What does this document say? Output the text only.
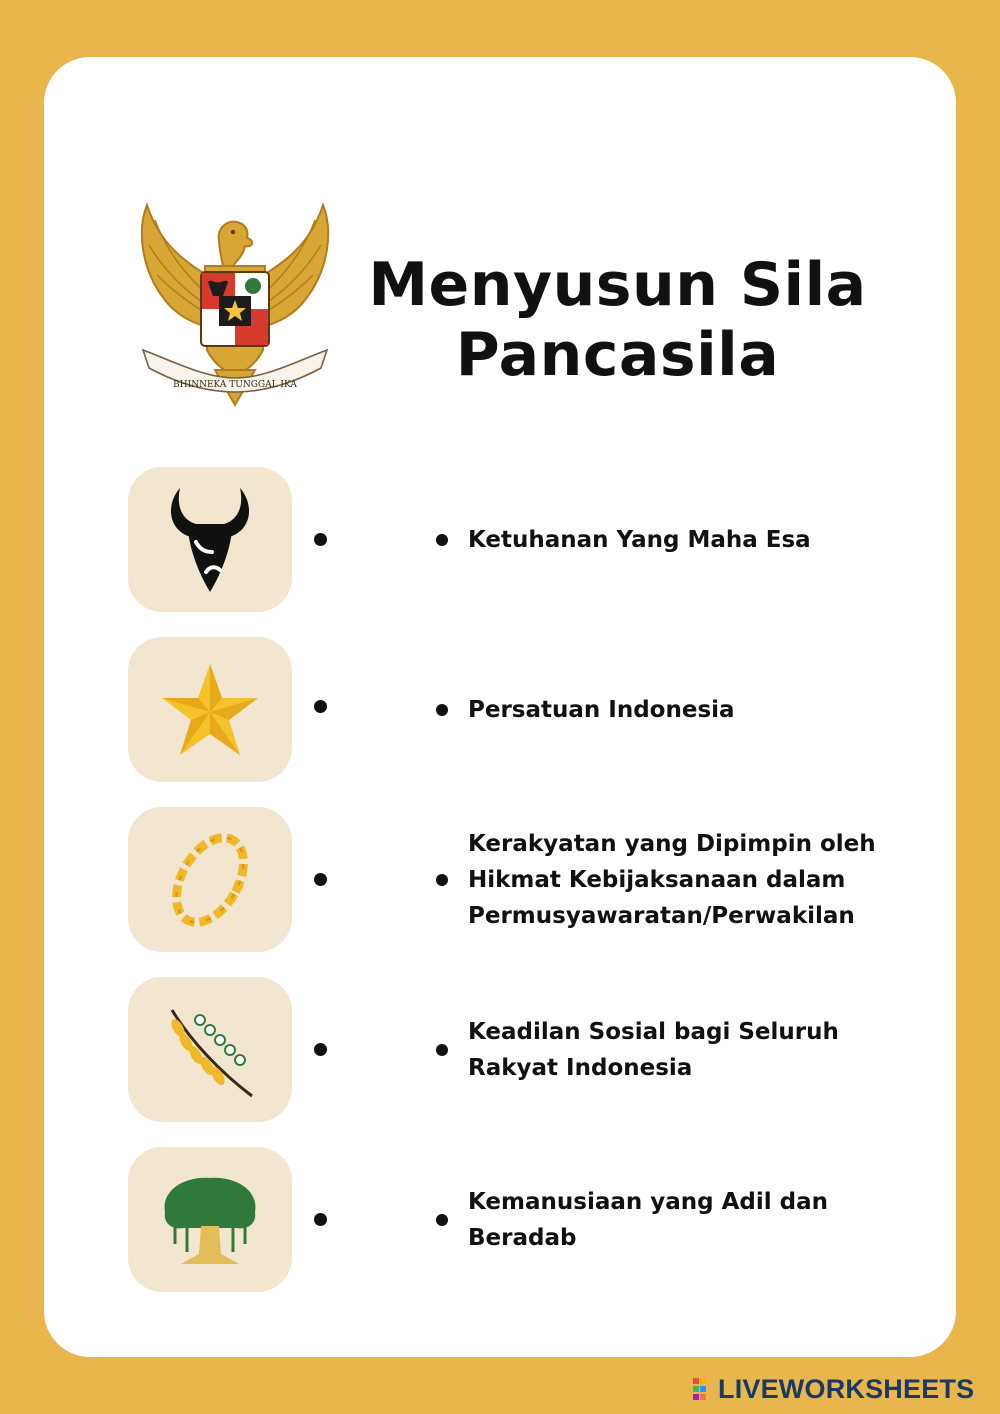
BHINNEKA TUNGGAL IKA
Menyusun Sila
Pancasila
Ketuhanan Yang Maha Esa
Persatuan Indonesia
Kerakyatan yang Dipimpin oleh
Hikmat Kebijaksanaan dalam
Permusyawaratan/Perwakilan
Keadilan Sosial bagi Seluruh
Rakyat Indonesia
Kemanusiaan yang Adil dan
Beradab
LIVEWORKSHEETS
